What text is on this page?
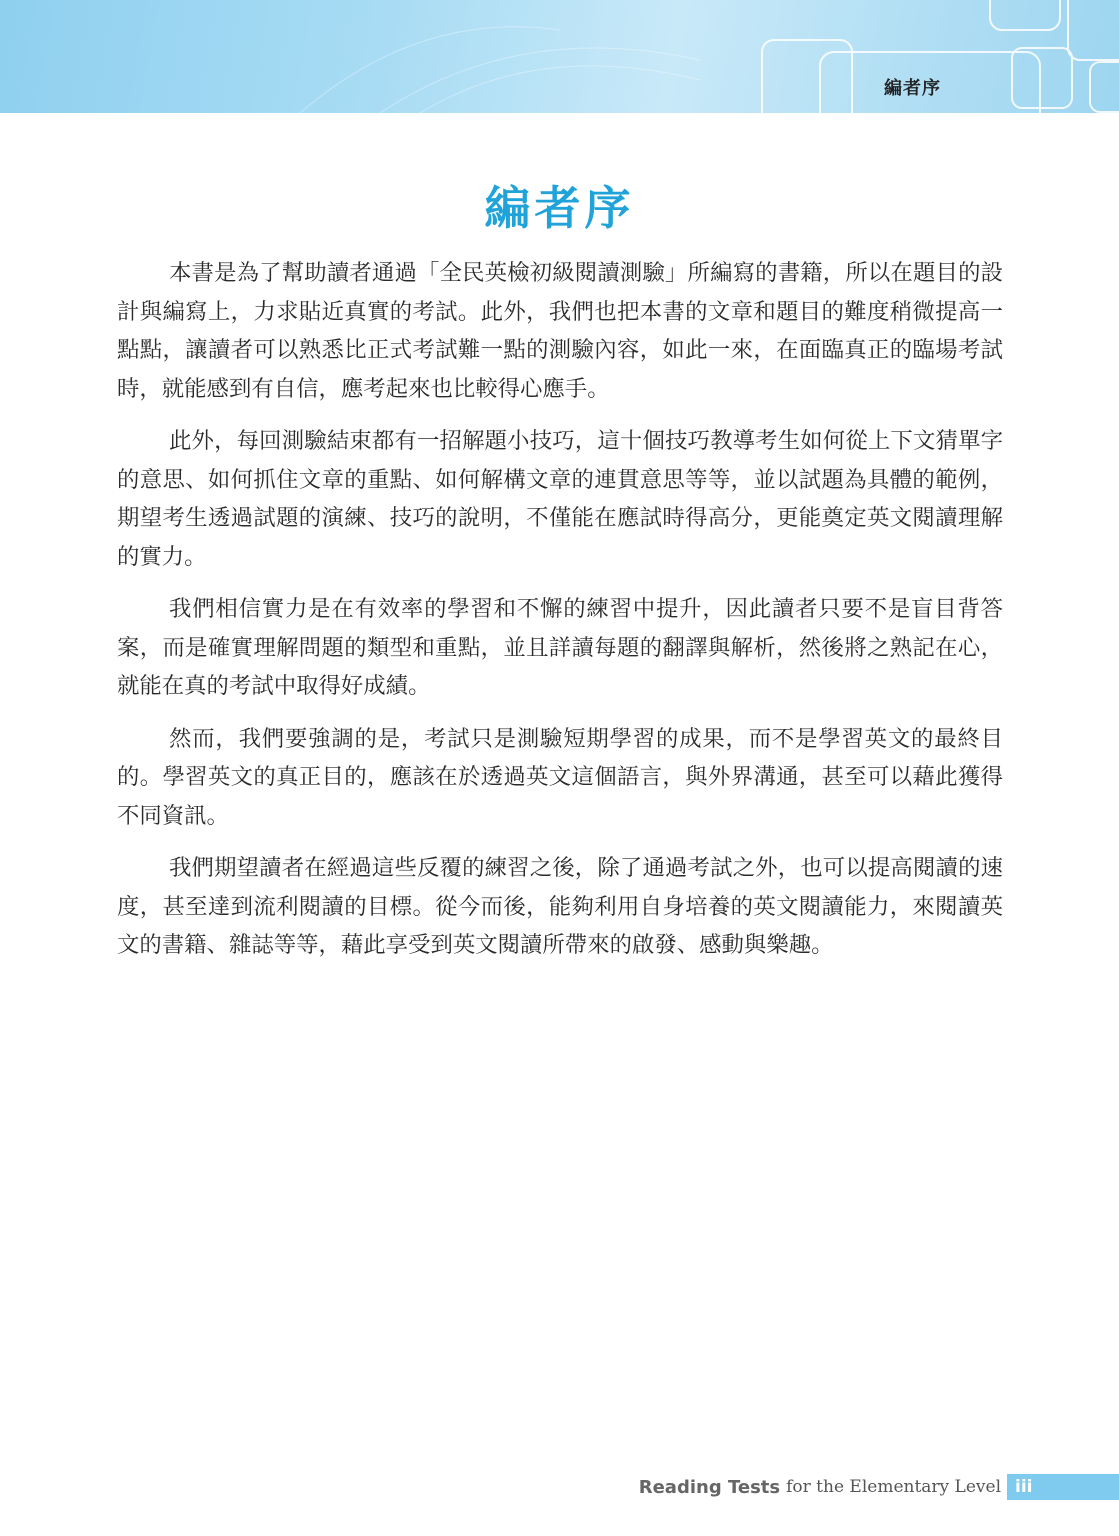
編者序
編者序

本書是為了幫助讀者通過「全民英檢初級閱讀測驗」所編寫的書籍，所以在題目的設計與編寫上，力求貼近真實的考試。此外，我們也把本書的文章和題目的難度稍微提高一點點，讓讀者可以熟悉比正式考試難一點的測驗內容，如此一來，在面臨真正的臨場考試時，就能感到有自信，應考起來也比較得心應手。

此外，每回測驗結束都有一招解題小技巧，這十個技巧教導考生如何從上下文猜單字的意思、如何抓住文章的重點、如何解構文章的連貫意思等等，並以試題為具體的範例，期望考生透過試題的演練、技巧的說明，不僅能在應試時得高分，更能奠定英文閱讀理解的實力。

我們相信實力是在有效率的學習和不懈的練習中提升，因此讀者只要不是盲目背答案，而是確實理解問題的類型和重點，並且詳讀每題的翻譯與解析，然後將之熟記在心，就能在真的考試中取得好成績。

然而，我們要強調的是，考試只是測驗短期學習的成果，而不是學習英文的最終目的。學習英文的真正目的，應該在於透過英文這個語言，與外界溝通，甚至可以藉此獲得不同資訊。

我們期望讀者在經過這些反覆的練習之後，除了通過考試之外，也可以提高閱讀的速度，甚至達到流利閱讀的目標。從今而後，能夠利用自身培養的英文閱讀能力，來閱讀英文的書籍、雜誌等等，藉此享受到英文閱讀所帶來的啟發、感動與樂趣。

Reading Tests for the Elementary Level iii
